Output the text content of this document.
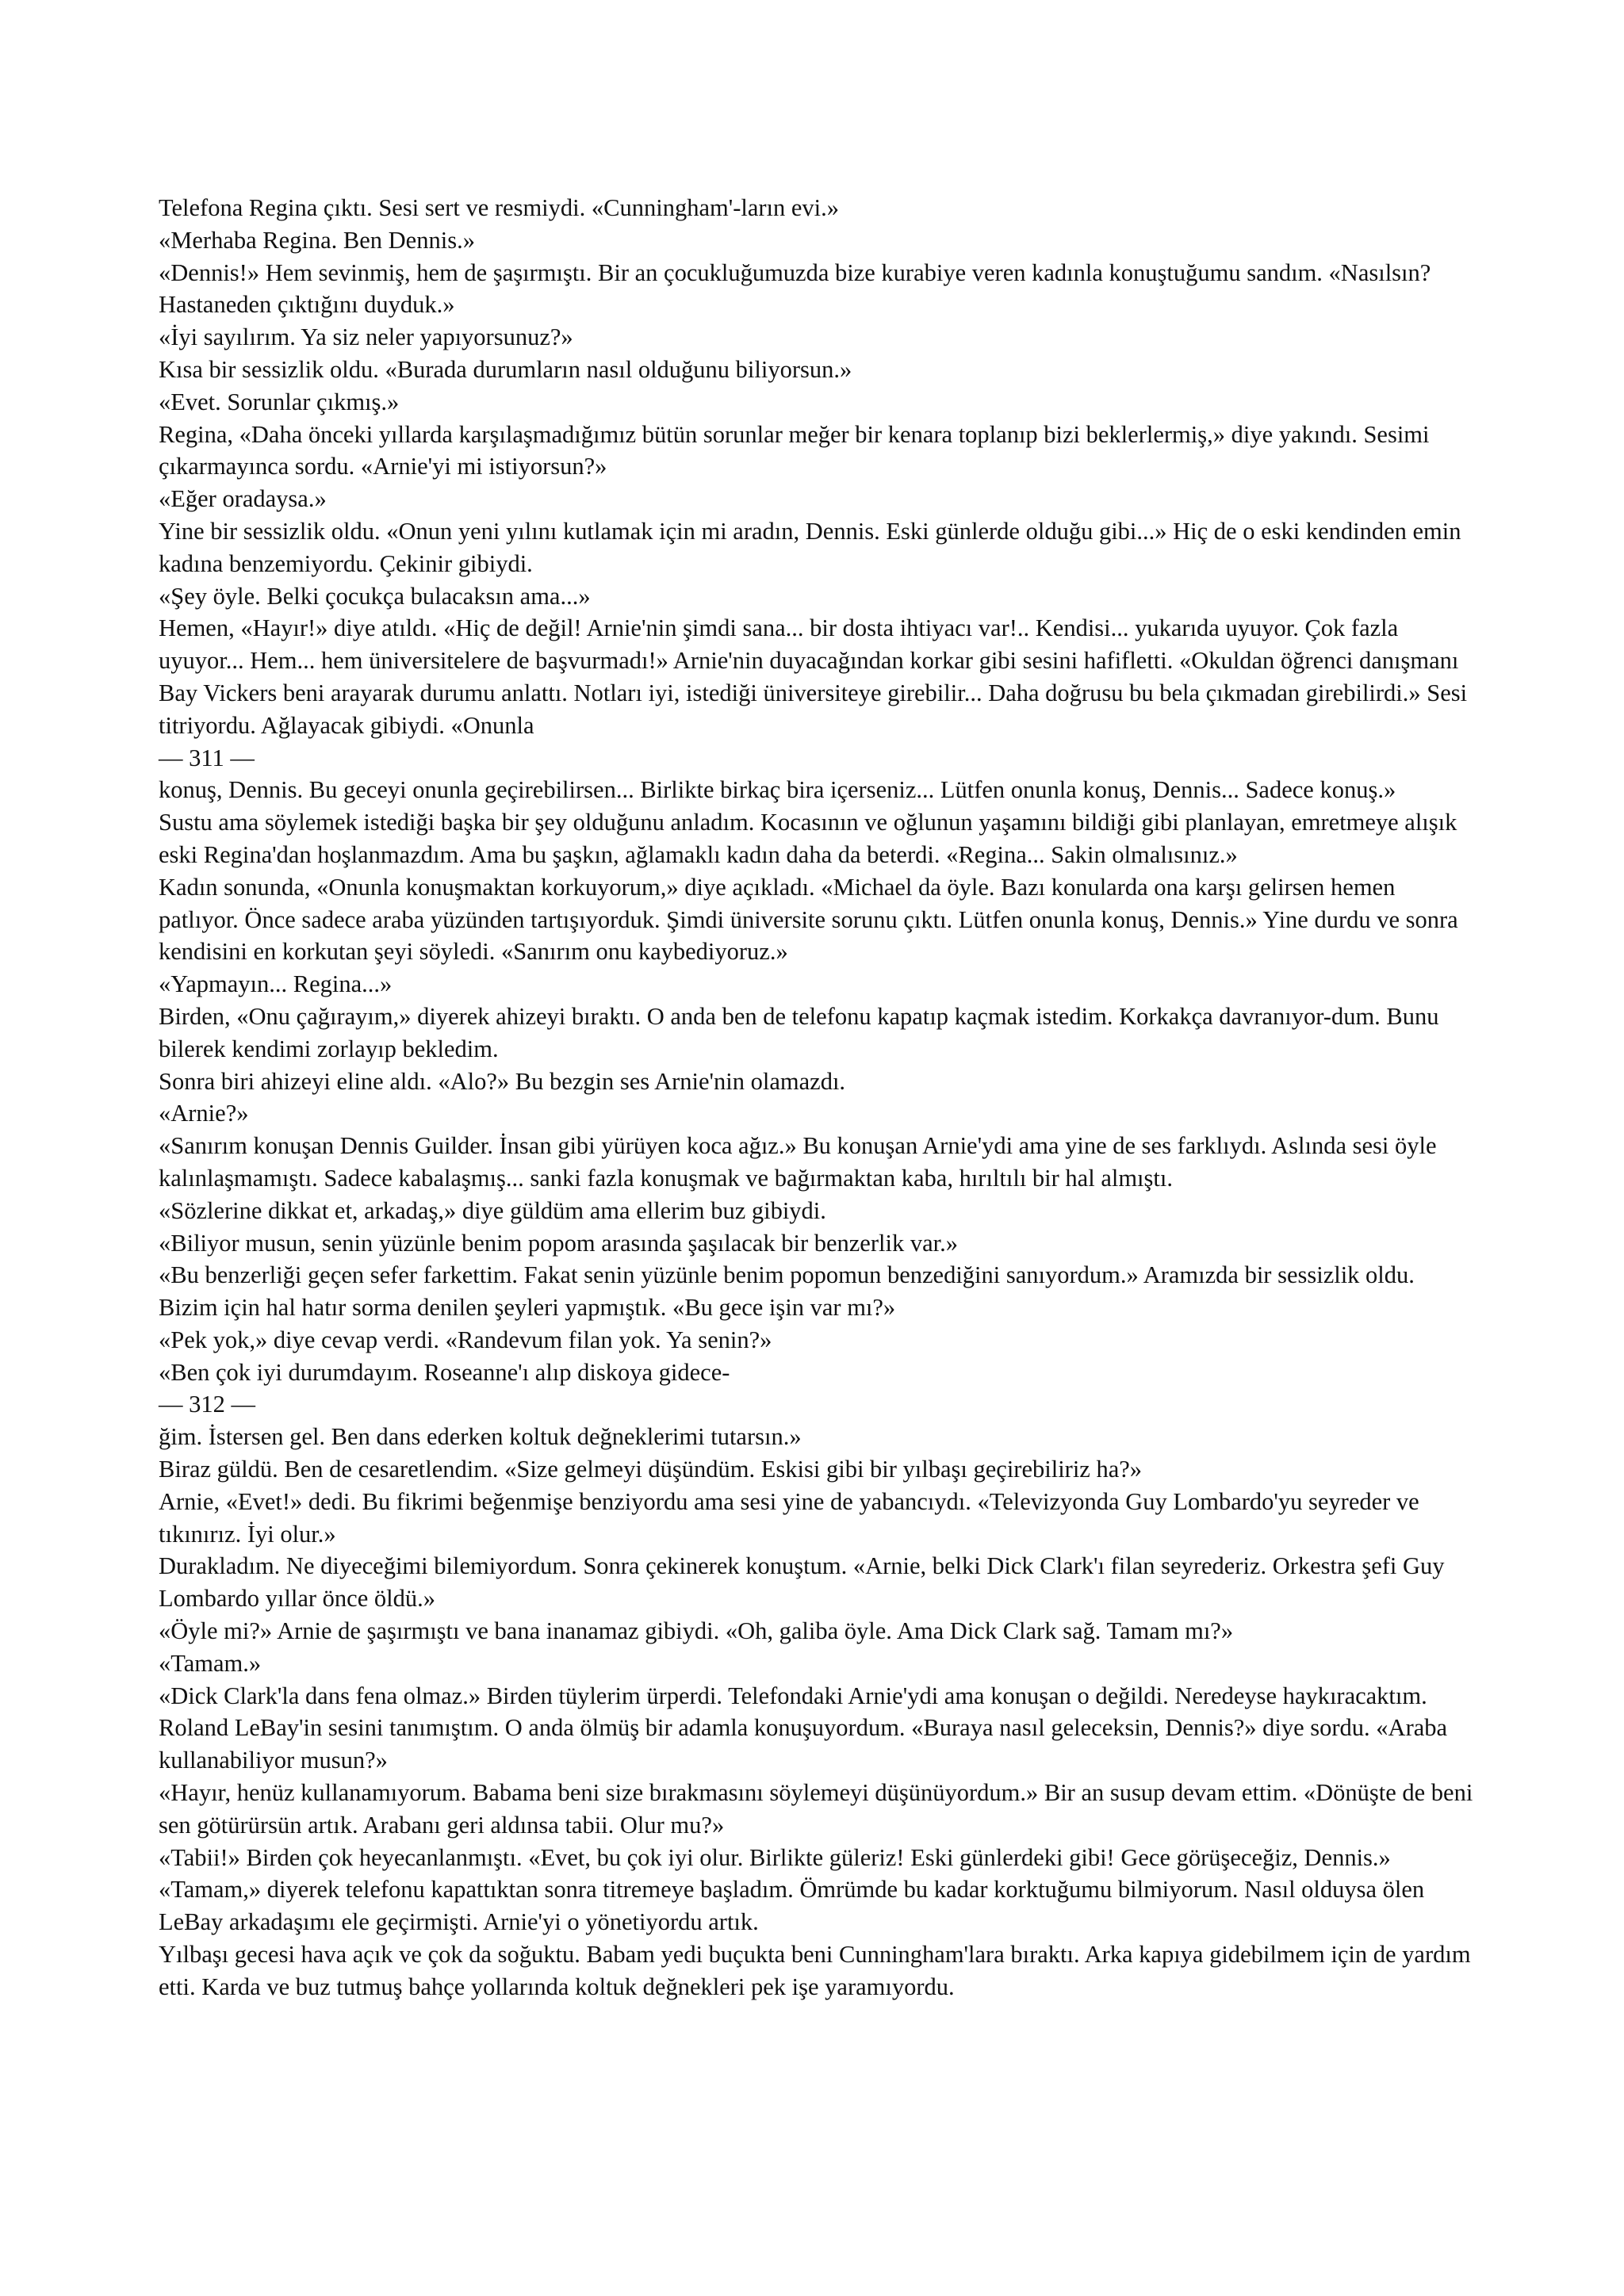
Telefona Regina çıktı. Sesi sert ve resmiydi. «Cunningham'-ların evi.»

«Merhaba Regina. Ben Dennis.»

«Dennis!» Hem sevinmiş, hem de şaşırmıştı. Bir an çocukluğumuzda bize kurabiye veren kadınla konuştuğumu sandım. «Nasılsın? Hastaneden çıktığını duyduk.»

«İyi sayılırım. Ya siz neler yapıyorsunuz?»

Kısa bir sessizlik oldu. «Burada durumların nasıl olduğunu biliyorsun.»

«Evet. Sorunlar çıkmış.»

Regina, «Daha önceki yıllarda karşılaşmadığımız bütün sorunlar meğer bir kenara toplanıp bizi beklerlermiş,» diye yakındı. Sesimi çıkarmayınca sordu. «Arnie'yi mi istiyorsun?»

«Eğer oradaysa.»

Yine bir sessizlik oldu. «Onun yeni yılını kutlamak için mi aradın, Dennis. Eski günlerde olduğu gibi...» Hiç de o eski kendinden emin kadına benzemiyordu. Çekinir gibiydi.

«Şey öyle. Belki çocukça bulacaksın ama...»

Hemen, «Hayır!» diye atıldı. «Hiç de değil! Arnie'nin şimdi sana... bir dosta ihtiyacı var!.. Kendisi... yukarıda uyuyor. Çok fazla uyuyor... Hem... hem üniversitelere de başvurmadı!» Arnie'nin duyacağından korkar gibi sesini hafifletti. «Okuldan öğrenci danışmanı Bay Vickers beni arayarak durumu anlattı. Notları iyi, istediği üniversiteye girebilir... Daha doğrusu bu bela çıkmadan girebilirdi.» Sesi titriyordu. Ağlayacak gibiydi. «Onunla

— 311 —

konuş, Dennis. Bu geceyi onunla geçirebilirsen... Birlikte birkaç bira içerseniz... Lütfen onunla konuş, Dennis... Sadece konuş.»

Sustu ama söylemek istediği başka bir şey olduğunu anladım. Kocasının ve oğlunun yaşamını bildiği gibi planlayan, emretmeye alışık eski Regina'dan hoşlanmazdım. Ama bu şaşkın, ağlamaklı kadın daha da beterdi. «Regina... Sakin olmalısınız.»

Kadın sonunda, «Onunla konuşmaktan korkuyorum,» diye açıkladı. «Michael da öyle. Bazı konularda ona karşı gelirsen hemen patlıyor. Önce sadece araba yüzünden tartışıyorduk. Şimdi üniversite sorunu çıktı. Lütfen onunla konuş, Dennis.» Yine durdu ve sonra kendisini en korkutan şeyi söyledi. «Sanırım onu kaybediyoruz.»

«Yapmayın... Regina...»

Birden, «Onu çağırayım,» diyerek ahizeyi bıraktı. O anda ben de telefonu kapatıp kaçmak istedim. Korkakça davranıyor-dum. Bunu bilerek kendimi zorlayıp bekledim.

Sonra biri ahizeyi eline aldı. «Alo?» Bu bezgin ses Arnie'nin olamazdı.

«Arnie?»

«Sanırım konuşan Dennis Guilder. İnsan gibi yürüyen koca ağız.» Bu konuşan Arnie'ydi ama yine de ses farklıydı. Aslında sesi öyle kalınlaşmamıştı. Sadece kabalaşmış... sanki fazla konuşmak ve bağırmaktan kaba, hırıltılı bir hal almıştı.

«Sözlerine dikkat et, arkadaş,» diye güldüm ama ellerim buz gibiydi.

«Biliyor musun, senin yüzünle benim popom arasında şaşılacak bir benzerlik var.»

«Bu benzerliği geçen sefer farkettim. Fakat senin yüzünle benim popomun benzediğini sanıyordum.» Aramızda bir sessizlik oldu. Bizim için hal hatır sorma denilen şeyleri yapmıştık. «Bu gece işin var mı?»

«Pek yok,» diye cevap verdi. «Randevum filan yok. Ya senin?»

«Ben çok iyi durumdayım. Roseanne'ı alıp diskoya gidece-

— 312 —

ğim. İstersen gel. Ben dans ederken koltuk değneklerimi tutarsın.»

Biraz güldü. Ben de cesaretlendim. «Size gelmeyi düşündüm. Eskisi gibi bir yılbaşı geçirebiliriz ha?»

Arnie, «Evet!» dedi. Bu fikrimi beğenmişe benziyordu ama sesi yine de yabancıydı. «Televizyonda Guy Lombardo'yu seyreder ve tıkınırız. İyi olur.»

Durakladım. Ne diyeceğimi bilemiyordum. Sonra çekinerek konuştum. «Arnie, belki Dick Clark'ı filan seyrederiz. Orkestra şefi Guy Lombardo yıllar önce öldü.»

«Öyle mi?» Arnie de şaşırmıştı ve bana inanamaz gibiydi. «Oh, galiba öyle. Ama Dick Clark sağ. Tamam mı?»

«Tamam.»

«Dick Clark'la dans fena olmaz.» Birden tüylerim ürperdi. Telefondaki Arnie'ydi ama konuşan o değildi. Neredeyse haykıracaktım. Roland LeBay'in sesini tanımıştım. O anda ölmüş bir adamla konuşuyordum. «Buraya nasıl geleceksin, Dennis?» diye sordu. «Araba kullanabiliyor musun?»

«Hayır, henüz kullanamıyorum. Babama beni size bırakmasını söylemeyi düşünüyordum.» Bir an susup devam ettim. «Dönüşte de beni sen götürürsün artık. Arabanı geri aldınsa tabii. Olur mu?»

«Tabii!» Birden çok heyecanlanmıştı. «Evet, bu çok iyi olur. Birlikte güleriz! Eski günlerdeki gibi! Gece görüşeceğiz, Dennis.»

«Tamam,» diyerek telefonu kapattıktan sonra titremeye başladım. Ömrümde bu kadar korktuğumu bilmiyorum. Nasıl olduysa ölen LeBay arkadaşımı ele geçirmişti. Arnie'yi o yönetiyordu artık.

Yılbaşı gecesi hava açık ve çok da soğuktu. Babam yedi buçukta beni Cunningham'lara bıraktı. Arka kapıya gidebilmem için de yardım etti. Karda ve buz tutmuş bahçe yollarında koltuk değnekleri pek işe yaramıyordu.
